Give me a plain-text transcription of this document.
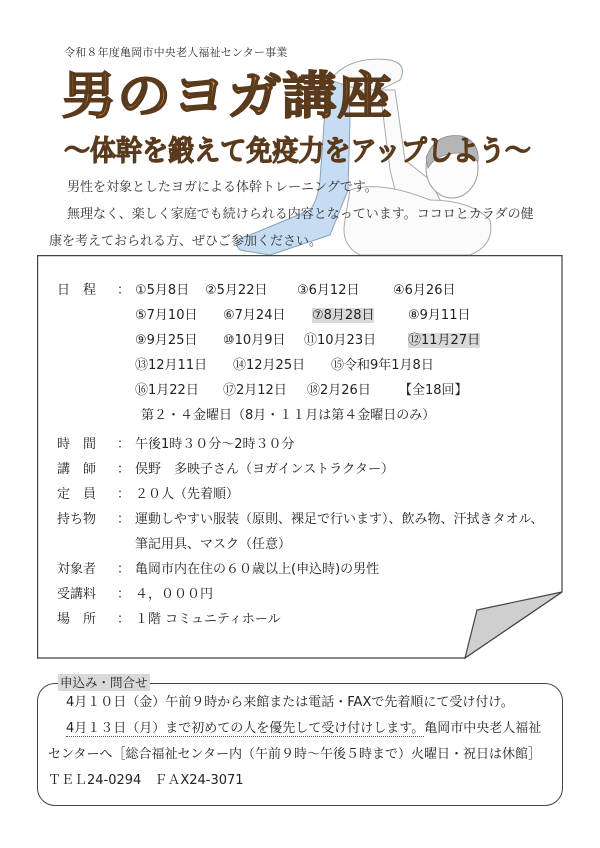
令和８年度亀岡市中央老人福祉センター事業
男のヨガ講座
～体幹を鍛えて免疫力をアップしよう～
男性を対象としたヨガによる体幹トレーニングです。
無理なく、楽しく家庭でも続けられる内容となっています。ココロとカラダの健
康を考えておられる方、ぜひご参加ください。
日　程 ： ①5月8日 ②5月22日 ③6月12日	④6月26日
⑤7月10日 ⑥7月24日 ⑦8月28日	⑧9月11日
⑨9月25日 ⑩10月9日 ⑪10月23日 ⑫11月27日
⑬12月11日 ⑭12月25日 ⑮令和9年1月8日
⑯1月22日 ⑰2月12日 ⑱2月26日 【全18回】
第２・４金曜日（8月・１１月は第４金曜日のみ）
時　間 ： 午後1時３０分～2時３０分
講　師 ： 俣野　多映子さん（ヨガインストラクター）
定　員 ： ２０人（先着順）
持ち物 ： 運動しやすい服装（原則、裸足で行います）、飲み物、汗拭きタオル、
筆記用具、マスク（任意）
対象者 ： 亀岡市内在住の６０歳以上(申込時)の男性
受講料 ： ４，０００円
場　所 ： １階 コミュニティホール
申込み・問合せ
4月１０日（金）午前９時から来館または電話・FAXで先着順にて受け付け。
4月１３日（月）まで初めての人を優先して受け付けします。亀岡市中央老人福祉
センターへ［総合福祉センター内（午前９時～午後５時まで）火曜日・祝日は休館］
ＴＥＬ24-0294　ＦＡX24-3071
